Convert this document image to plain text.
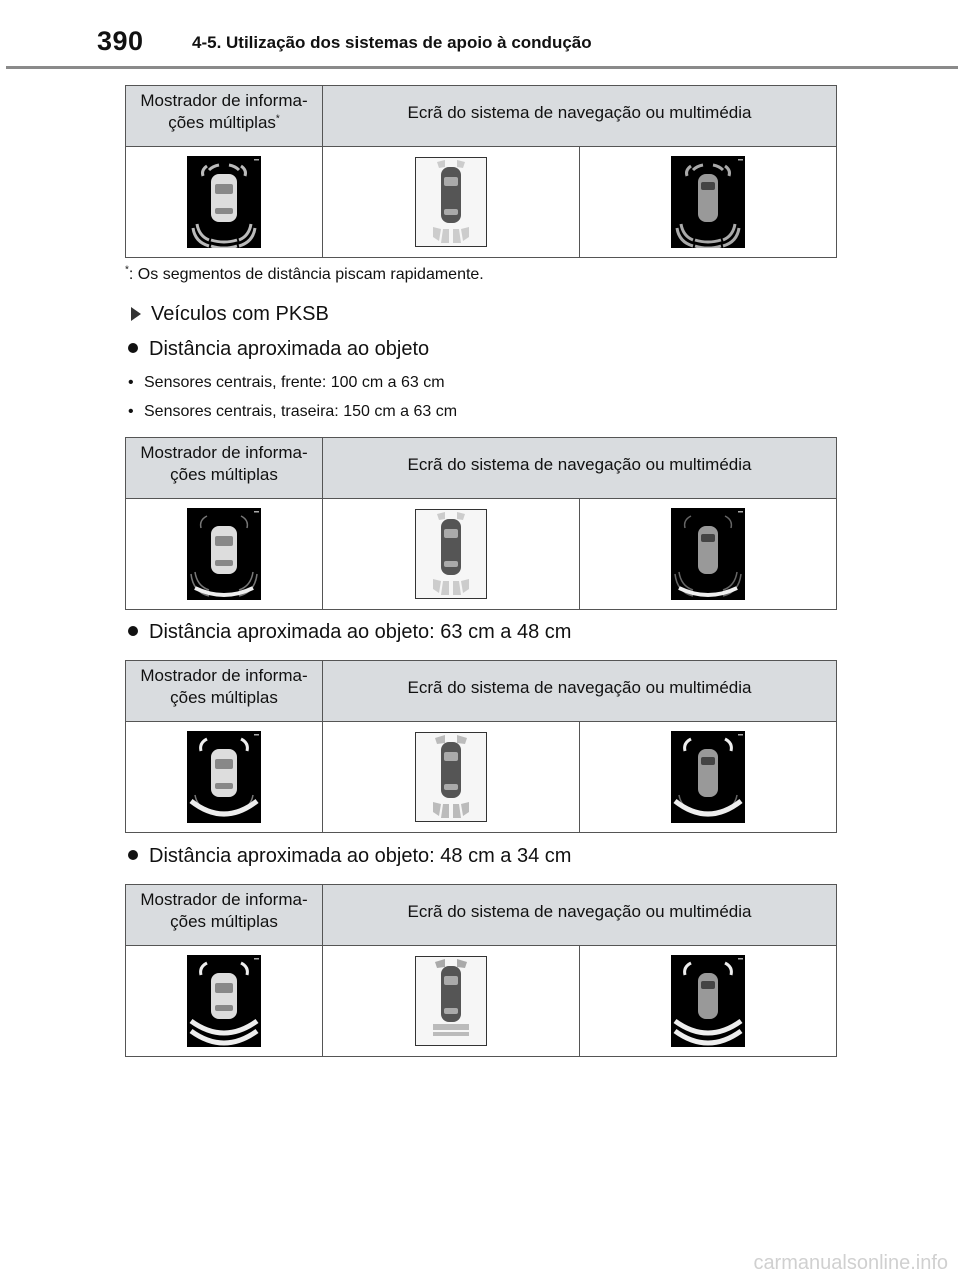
390	4-5. Utilização dos sistemas de apoio à condução
Mostrador de informa-
ções múltiplas*	Ecrã do sistema de navegação ou multimédia	

*: Os segmentos de distância piscam rapidamente.
Veículos com PKSB
Distância aproximada ao objeto
• Sensores centrais, frente: 100 cm a 63 cm
• Sensores centrais, traseira: 150 cm a 63 cm
Mostrador de informa-
ções múltiplas	Ecrã do sistema de navegação ou multimédia	

Distância aproximada ao objeto: 63 cm a 48 cm
Mostrador de informa-
ções múltiplas	Ecrã do sistema de navegação ou multimédia	

Distância aproximada ao objeto: 48 cm a 34 cm
Mostrador de informa-
ções múltiplas	Ecrã do sistema de navegação ou multimédia	

carmanualsonline.info
